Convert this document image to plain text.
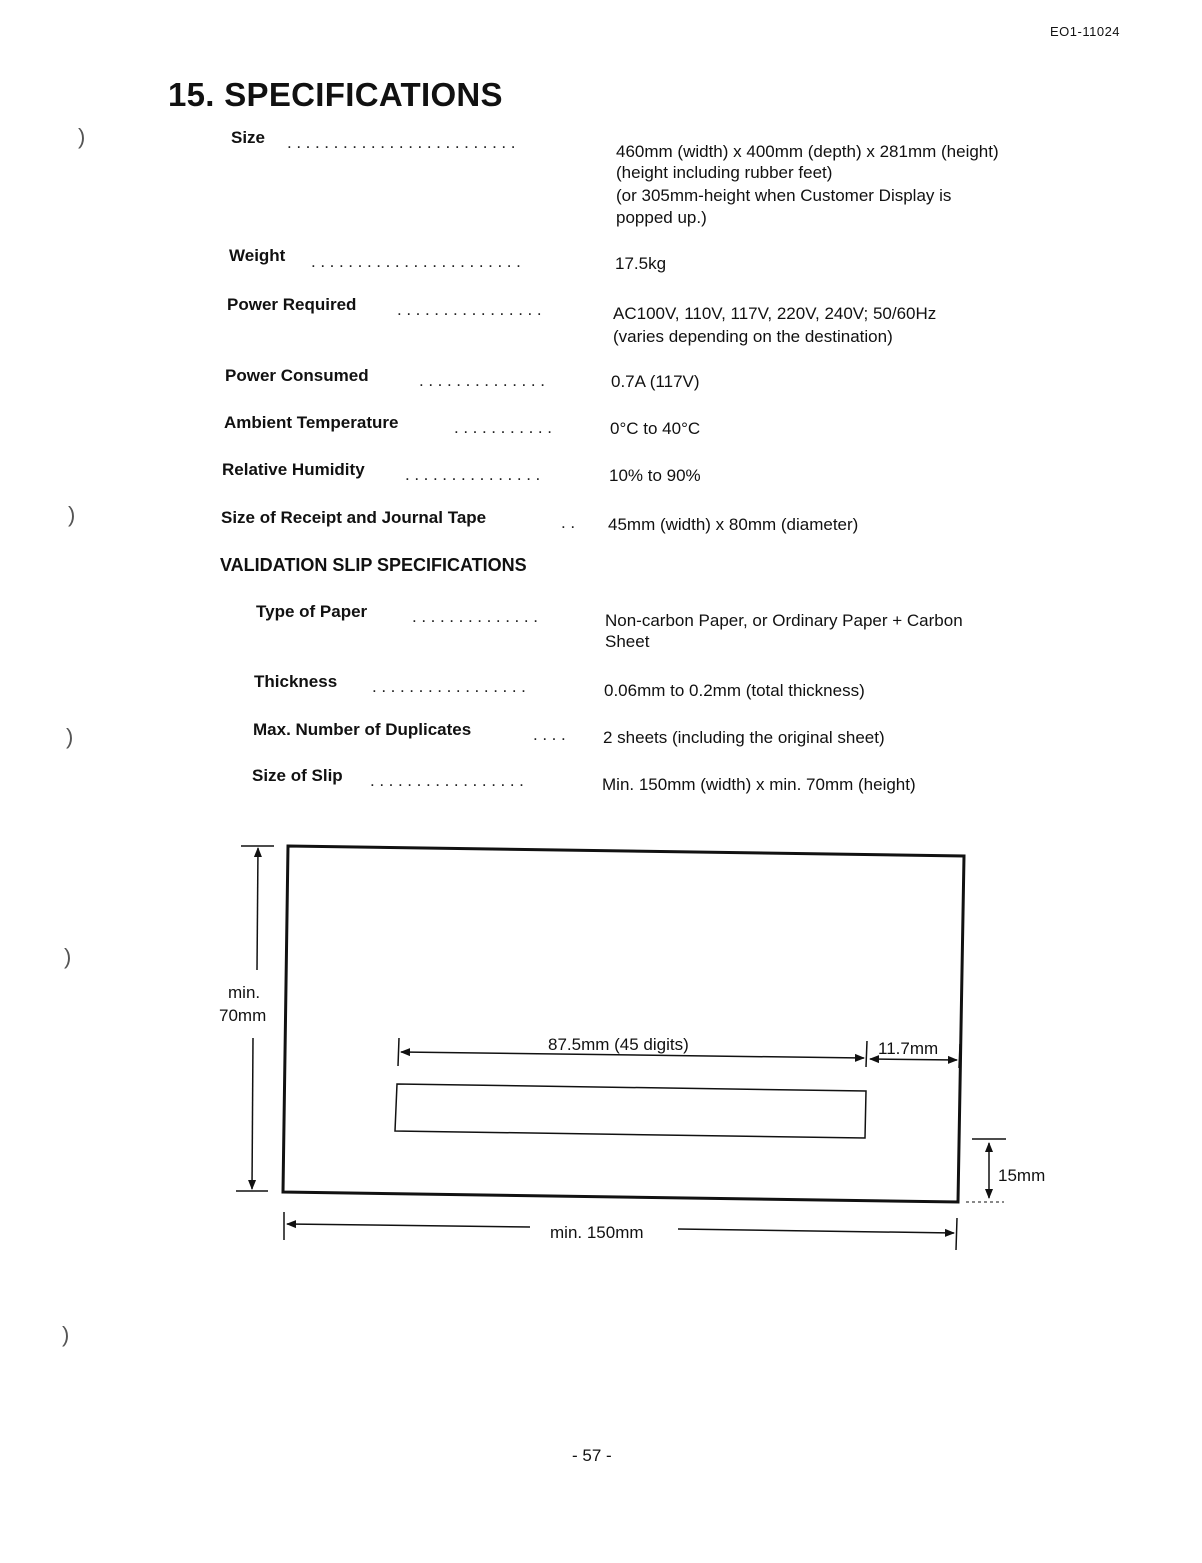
EO1-11024
15. SPECIFICATIONS
Size .........................	460mm (width) x 400mm (depth) x 281mm (height)
(height including rubber feet)
(or 305mm-height when Customer Display is
popped up.)
Weight .......................	17.5kg
Power Required ................	AC100V, 110V, 117V, 220V, 240V; 50/60Hz
(varies depending on the destination)
Power Consumed	..............	0.7A (117V)
Ambient Temperature	...........	0°C to 40°C
Relative Humidity ...............	10% to 90%
Size of Receipt and Journal Tape	.. 45mm (width) x 80mm (diameter)
VALIDATION SLIP SPECIFICATIONS
Type of Paper	..............	Non-carbon Paper, or Ordinary Paper + Carbon
Sheet
Thickness .................	0.06mm to 0.2mm (total thickness)
Max. Number of Duplicates	.... 2 sheets (including the original sheet)
Size of Slip .................	Min. 150mm (width) x min. 70mm (height)
min.
70mm
87.5mm (45 digits)	11.7mm
15mm
min. 150mm
)
)
)
)
)
- 57 -
